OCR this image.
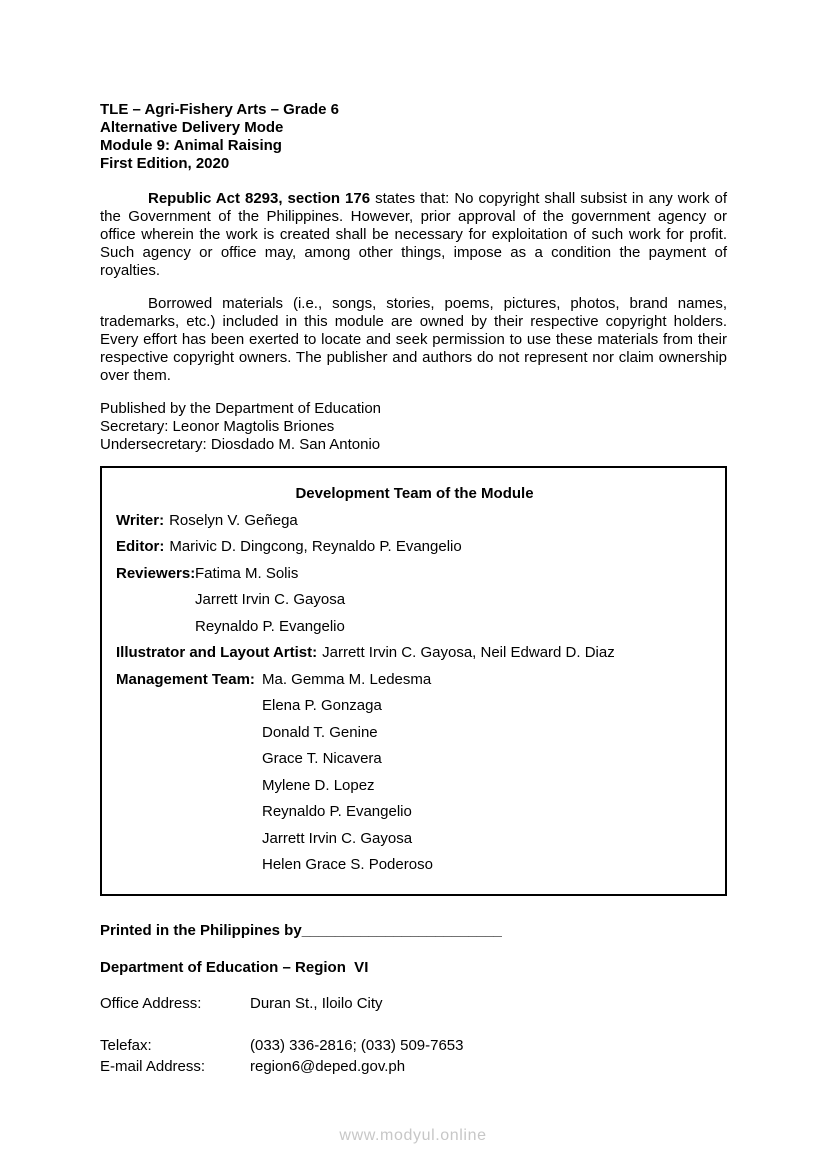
TLE – Agri-Fishery Arts – Grade 6
Alternative Delivery Mode
Module 9: Animal Raising
First Edition, 2020
Republic Act 8293, section 176 states that: No copyright shall subsist in any work of the Government of the Philippines. However, prior approval of the government agency or office wherein the work is created shall be necessary for exploitation of such work for profit. Such agency or office may, among other things, impose as a condition the payment of royalties.
Borrowed materials (i.e., songs, stories, poems, pictures, photos, brand names, trademarks, etc.) included in this module are owned by their respective copyright holders. Every effort has been exerted to locate and seek permission to use these materials from their respective copyright owners. The publisher and authors do not represent nor claim ownership over them.
Published by the Department of Education
Secretary: Leonor Magtolis Briones
Undersecretary: Diosdado M. San Antonio
Development Team of the Module
Writer: Roselyn V. Geñega
Editor: Marivic D. Dingcong, Reynaldo P. Evangelio
Reviewers:Fatima M. Solis
Jarrett Irvin C. Gayosa
Reynaldo P. Evangelio
Illustrator and Layout Artist: Jarrett Irvin C. Gayosa, Neil Edward D. Diaz
Management Team: Ma. Gemma M. Ledesma
Elena P. Gonzaga
Donald T. Genine
Grace T. Nicavera
Mylene D. Lopez
Reynaldo P. Evangelio
Jarrett Irvin C. Gayosa
Helen Grace S. Poderoso
Printed in the Philippines by________________________
Department of Education – Region  VI
Office Address:	Duran St., Iloilo City
Telefax:	(033) 336-2816; (033) 509-7653
E-mail Address:	region6@deped.gov.ph
www.modyul.online
